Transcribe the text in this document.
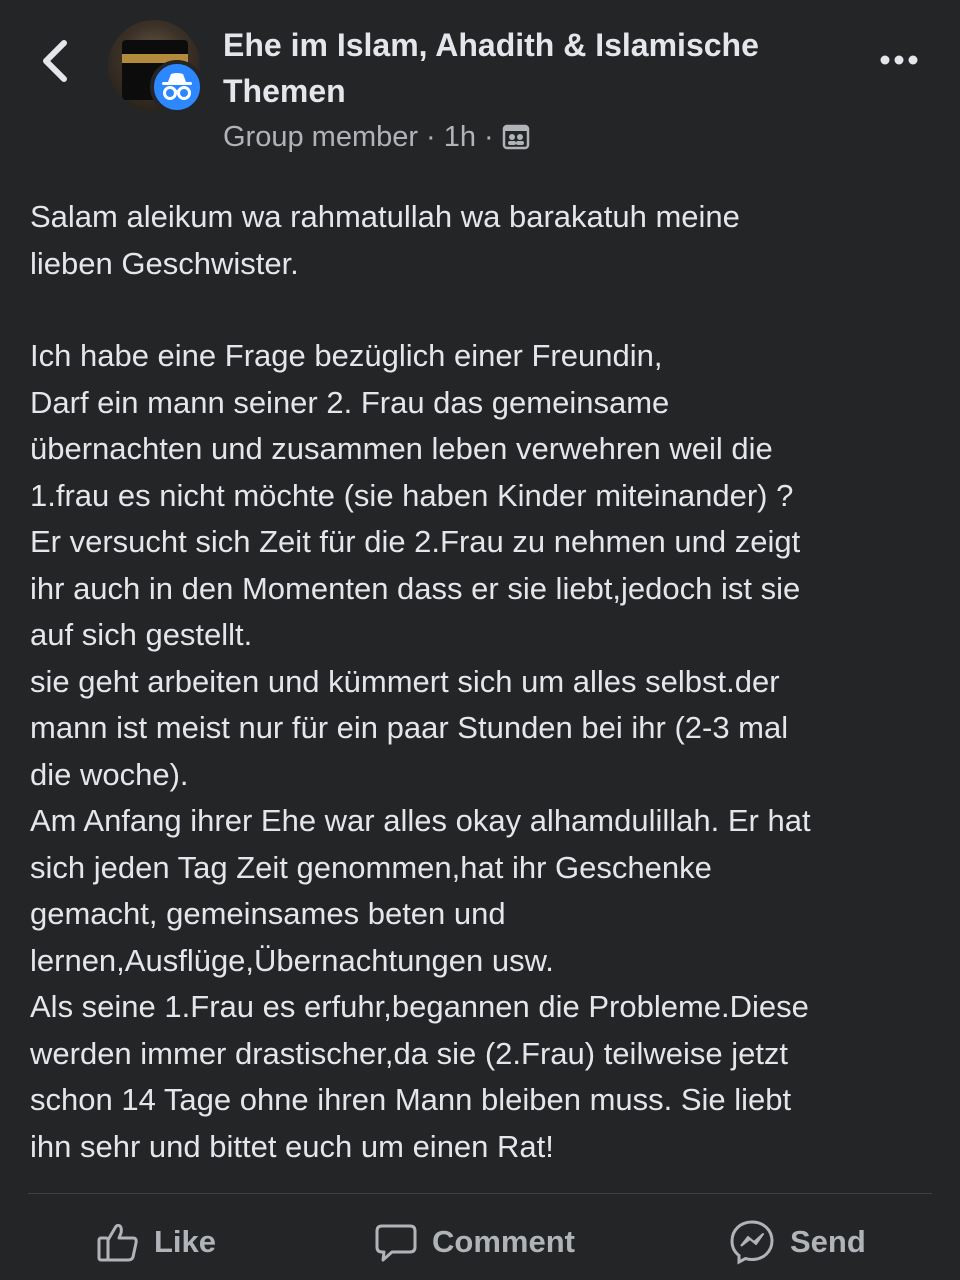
Ehe im Islam, Ahadith & Islamische Themen
Group member · 1h ·

Salam aleikum wa rahmatullah wa barakatuh meine
lieben Geschwister.

Ich habe eine Frage bezüglich einer Freundin,
Darf ein mann seiner 2. Frau das gemeinsame
übernachten und zusammen leben verwehren weil die
1.frau es nicht möchte (sie haben Kinder miteinander) ?
Er versucht sich Zeit für die 2.Frau zu nehmen und zeigt
ihr auch in den Momenten dass er sie liebt,jedoch ist sie
auf sich gestellt.
sie geht arbeiten und kümmert sich um alles selbst.der
mann ist meist nur für ein paar Stunden bei ihr (2-3 mal
die woche).
Am Anfang ihrer Ehe war alles okay alhamdulillah. Er hat
sich jeden Tag Zeit genommen,hat ihr Geschenke
gemacht, gemeinsames beten und
lernen,Ausflüge,Übernachtungen usw.
Als seine 1.Frau es erfuhr,begannen die Probleme.Diese
werden immer drastischer,da sie (2.Frau) teilweise jetzt
schon 14 Tage ohne ihren Mann bleiben muss. Sie liebt
ihn sehr und bittet euch um einen Rat!

Like	Comment	Send
